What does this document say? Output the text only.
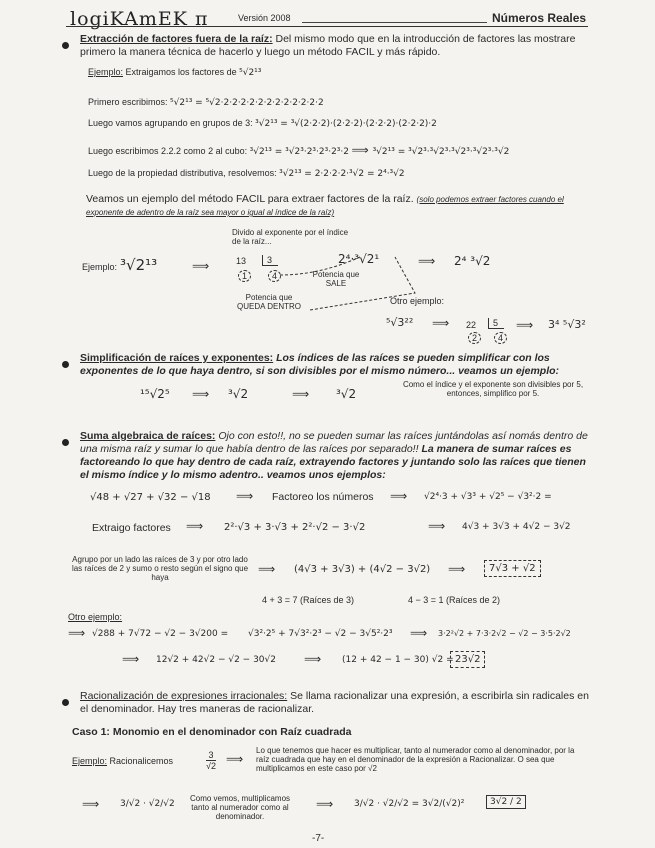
logiKAmEK π	Versión 2008	Números Reales
Extracción de factores fuera de la raíz: Del mismo modo que en la introducción de factores las mostrare primero la manera técnica de hacerlo y luego un método FACIL y más rápido.
Ejemplo: Extraigamos los factores de ⁵√2¹³
Primero escribimos: ⁵√2¹³ = ⁵√2·2·2·2·2·2·2·2·2·2·2·2·2
Luego vamos agrupando en grupos de 3: ³√2¹³ = ³√(2·2·2)·(2·2·2)·(2·2·2)·(2·2·2)·2
Luego escribimos 2.2.2 como 2 al cubo: ³√2¹³ = ³√2³·2³·2³·2³·2 ⟹ ³√2¹³ = ³√2³·³√2³·³√2³·³√2³·³√2
Luego de la propiedad distributiva, resolvemos: ³√2¹³ = 2·2·2·2·³√2 = 2⁴·³√2
Veamos un ejemplo del método FACIL para extraer factores de la raíz. (solo podemos extraer factores cuando el exponente de adentro de la raíz sea mayor o igual al índice de la raíz)
Divido al exponente por el índice de la raíz...
Ejemplo: ³√2¹³	⟹	13	3
1	4	Potencia que SALE
Potencia que QUEDA DENTRO
2⁴·³√2¹	⟹ 2⁴ ³√2
Otro ejemplo:
⁵√3²² ⟹ 22	5
2	4
⟹ 3⁴ ⁵√3²
Simplificación de raíces y exponentes: Los índices de las raíces se pueden simplificar con los exponentes de lo que haya dentro, si son divisibles por el mismo número... veamos un ejemplo:
¹⁵√2⁵ ⟹ ³√2	⟹ ³√2
Como el índice y el exponente son divisibles por 5, entonces, simplifico por 5.
Suma algebraica de raíces: Ojo con esto!!, no se pueden sumar las raíces juntándolas así nomás dentro de una misma raíz y sumar lo que había dentro de las raíces por separado!! La manera de sumar raíces es factoreando lo que hay dentro de cada raíz, extrayendo factores y juntando solo las raíces que tienen el mismo índice y lo mismo adentro.. veamos unos ejemplos:
√48 + √27 + √32 − √18 ⟹ Factoreo los números ⟹ √2⁴·3 + √3³ + √2⁵ − √3²·2 =
Extraigo factores ⟹ 2²·√3 + 3·√3 + 2²·√2 − 3·√2	⟹ 4√3 + 3√3 + 4√2 − 3√2
Agrupo por un lado las raíces de 3 y por otro lado las raíces de 2 y sumo o resto según el signo que haya
⟹ (4√3 + 3√3) + (4√2 − 3√2) ⟹	7√3 + √2
4 + 3 = 7 (Raíces de 3)	4 − 3 = 1 (Raíces de 2)
Otro ejemplo:
⟹ √288 + 7√72 − √2 − 3√200 = √3²·2⁵ + 7√3²·2³ − √2 − 3√5²·2³ ⟹ 3·2²√2 + 7·3·2√2 − √2 − 3·5·2√2
⟹ 12√2 + 42√2 − √2 − 30√2 ⟹ (12 + 42 − 1 − 30) √2 = 23√2
Racionalización de expresiones irracionales: Se llama racionalizar una expresión, a escribirla sin radicales en el denominador. Hay tres maneras de racionalizar.
Caso 1: Monomio en el denominador con Raíz cuadrada
Ejemplo: Racionalicemos	$\frac{3}{√2}$ ⟹
Lo que tenemos que hacer es multiplicar, tanto al numerador como al denominador, por la raíz cuadrada que hay en el denominador de la expresión a Racionalizar. O sea que multiplicamos en este caso por √2
⟹ 3/√2 · √2/√2
Como vemos, multiplicamos tanto al numerador como al denominador.
⟹ 3/√2 · √2/√2 = 3√2/(√2)²	3√2 / 2
-7-
